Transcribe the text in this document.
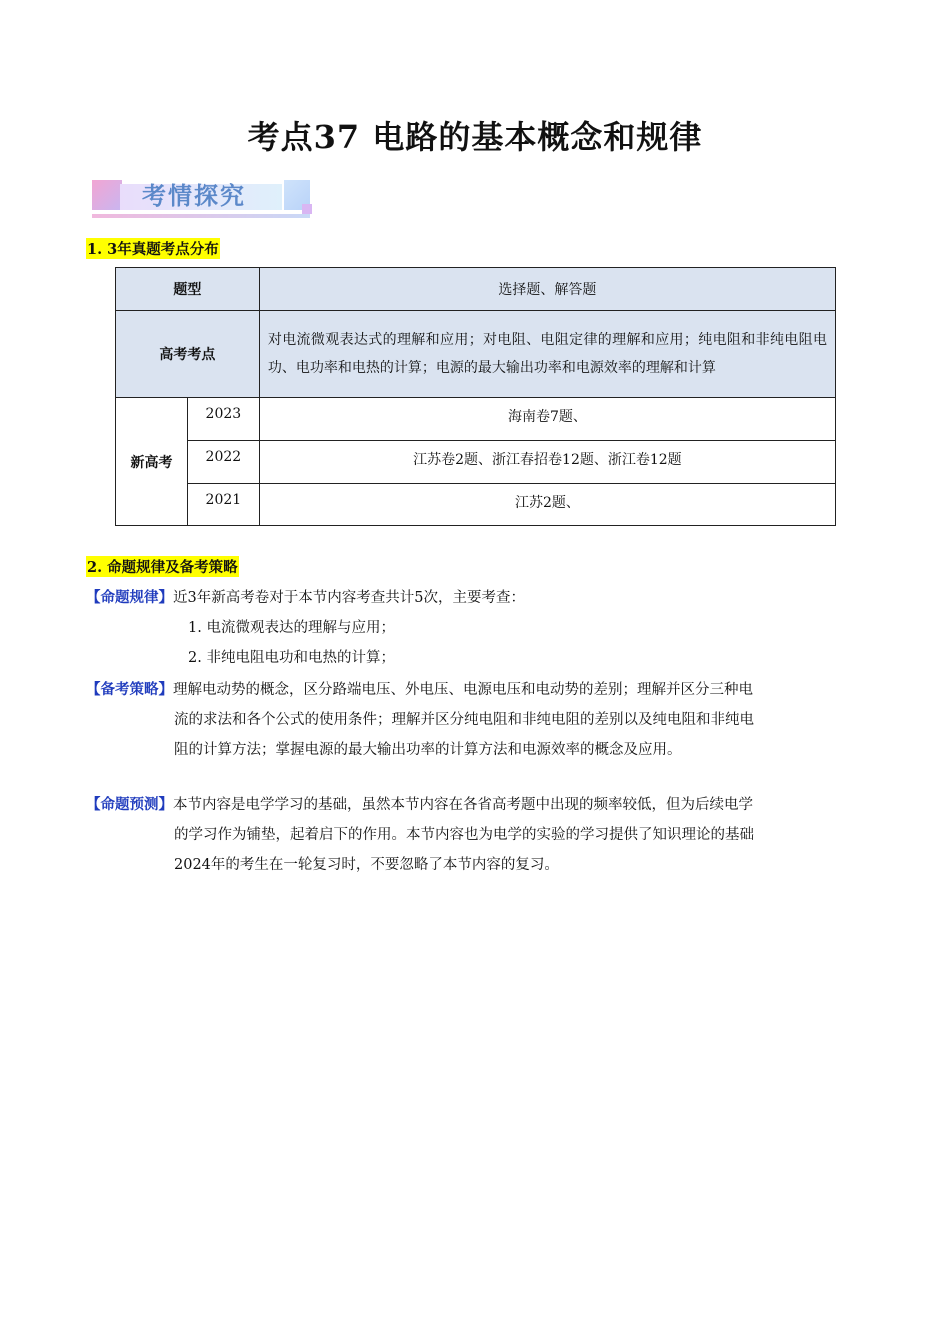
考点37 电路的基本概念和规律
考情探究
1. 3年真题考点分布
题型		选择题、解答题
高考考点		对电流微观表达式的理解和应用；对电阻、电阻定律的理解和应用；纯电阻和非纯电阻电功、电功率和电热的计算；电源的最大输出功率和电源效率的理解和计算
新高考	2023	海南卷7题、
	2022	江苏卷2题、浙江春招卷12题、浙江卷12题
	2021	江苏2题、
2. 命题规律及备考策略
【命题规律】近3年新高考卷对于本节内容考查共计5次，主要考查：
1. 电流微观表达的理解与应用；
2. 非纯电阻电功和电热的计算；
【备考策略】理解电动势的概念，区分路端电压、外电压、电源电压和电动势的差别；理解并区分三种电
流的求法和各个公式的使用条件；理解并区分纯电阻和非纯电阻的差别以及纯电阻和非纯电
阻的计算方法；掌握电源的最大输出功率的计算方法和电源效率的概念及应用。
【命题预测】本节内容是电学学习的基础，虽然本节内容在各省高考题中出现的频率较低，但为后续电学
的学习作为铺垫，起着启下的作用。本节内容也为电学的实验的学习提供了知识理论的基础
2024年的考生在一轮复习时，不要忽略了本节内容的复习。
